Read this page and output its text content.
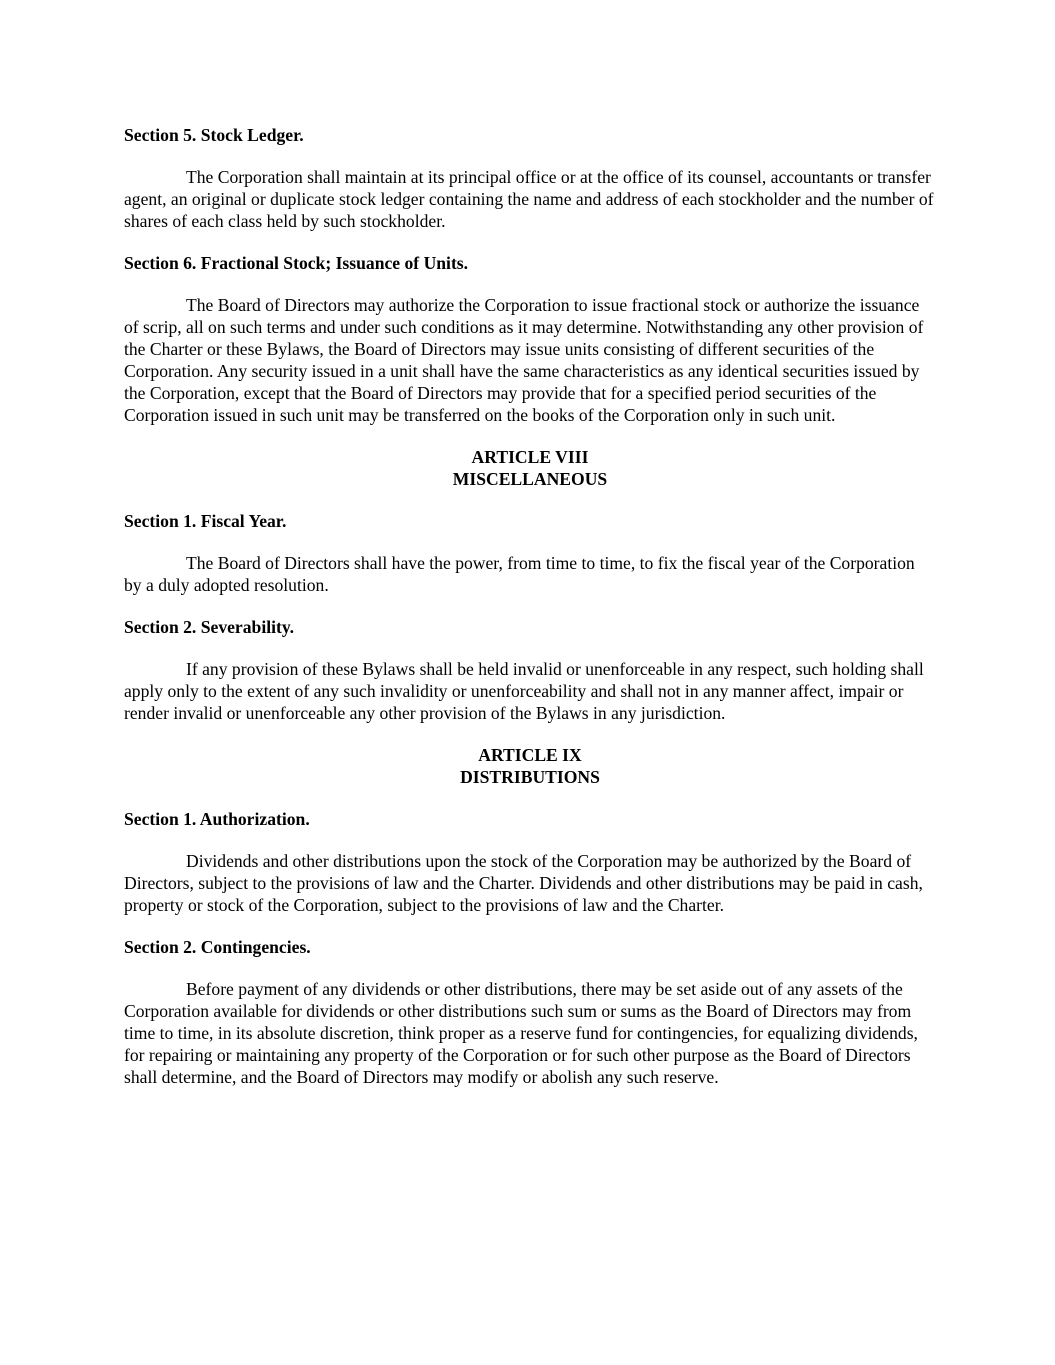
Section 5. Stock Ledger.

The Corporation shall maintain at its principal office or at the office of its counsel, accountants or transfer agent, an original or duplicate stock ledger containing the name and address of each stockholder and the number of shares of each class held by such stockholder.

Section 6. Fractional Stock; Issuance of Units.

The Board of Directors may authorize the Corporation to issue fractional stock or authorize the issuance of scrip, all on such terms and under such conditions as it may determine. Notwithstanding any other provision of the Charter or these Bylaws, the Board of Directors may issue units consisting of different securities of the Corporation. Any security issued in a unit shall have the same characteristics as any identical securities issued by the Corporation, except that the Board of Directors may provide that for a specified period securities of the Corporation issued in such unit may be transferred on the books of the Corporation only in such unit.

ARTICLE VIII

MISCELLANEOUS

Section 1. Fiscal Year.

The Board of Directors shall have the power, from time to time, to fix the fiscal year of the Corporation by a duly adopted resolution.

Section 2. Severability.

If any provision of these Bylaws shall be held invalid or unenforceable in any respect, such holding shall apply only to the extent of any such invalidity or unenforceability and shall not in any manner affect, impair or render invalid or unenforceable any other provision of the Bylaws in any jurisdiction.

ARTICLE IX

DISTRIBUTIONS

Section 1. Authorization.

Dividends and other distributions upon the stock of the Corporation may be authorized by the Board of Directors, subject to the provisions of law and the Charter. Dividends and other distributions may be paid in cash, property or stock of the Corporation, subject to the provisions of law and the Charter.

Section 2. Contingencies.

Before payment of any dividends or other distributions, there may be set aside out of any assets of the Corporation available for dividends or other distributions such sum or sums as the Board of Directors may from time to time, in its absolute discretion, think proper as a reserve fund for contingencies, for equalizing dividends, for repairing or maintaining any property of the Corporation or for such other purpose as the Board of Directors shall determine, and the Board of Directors may modify or abolish any such reserve.
